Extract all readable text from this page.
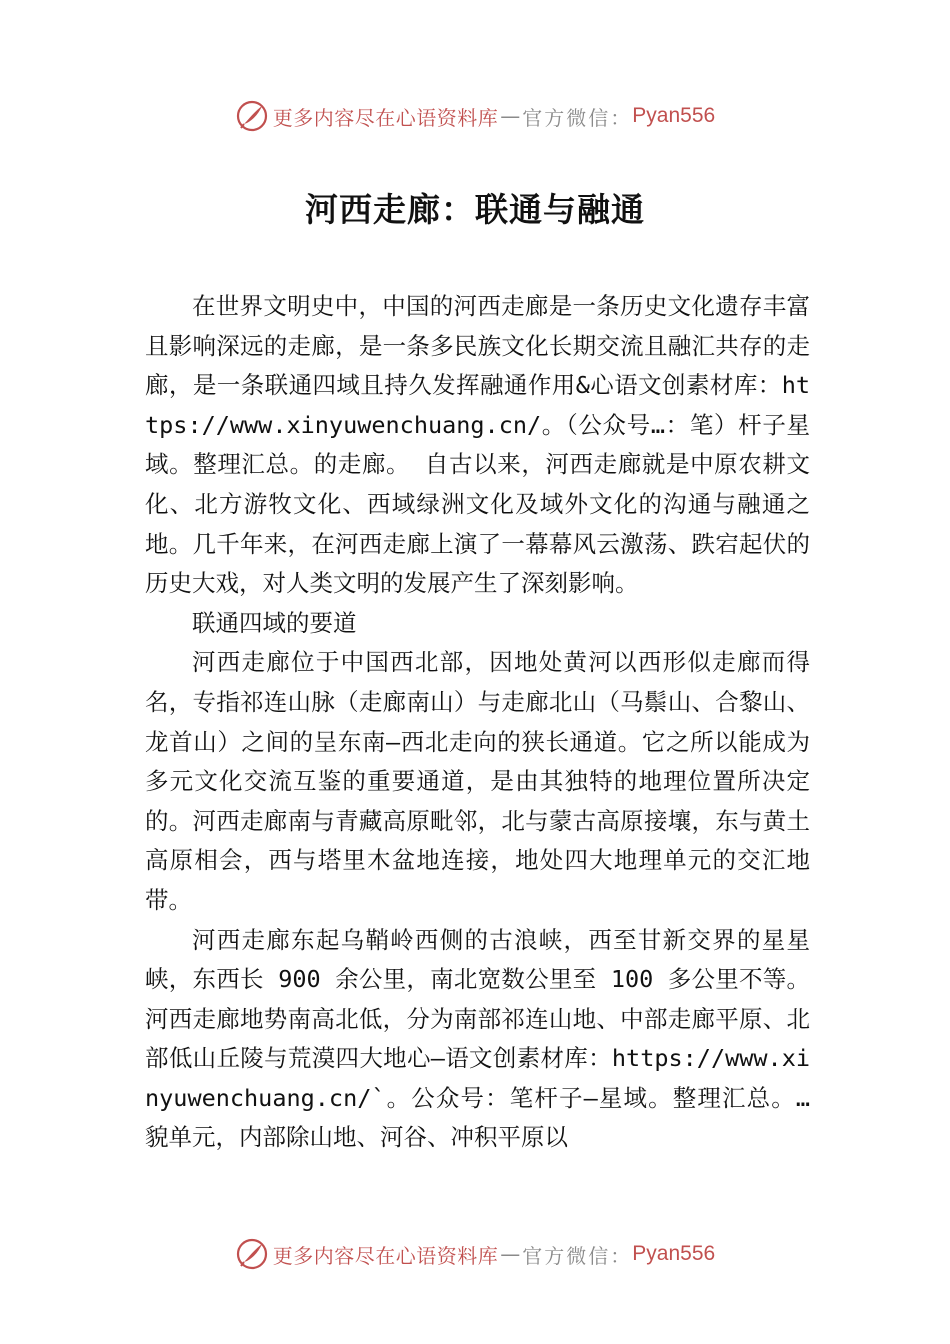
更多内容尽在心语资料库 — 官方微信 ： Pyan556
河西走廊：联通与融通

在世界文明史中，中国的河西走廊是一条历史文化遗存丰富且影响深远的走廊，是一条多民族文化长期交流且融汇共存的走廊，是一条联通四域且持久发挥融通作用&心语文创素材库：https://www.xinyuwenchuang.cn/。（公众号…：笔）杆子星域。整理汇总。的走廊。 自古以来，河西走廊就是中原农耕文化、北方游牧文化、西域绿洲文化及域外文化的沟通与融通之地。几千年来，在河西走廊上演了一幕幕风云激荡、跌宕起伏的历史大戏，对人类文明的发展产生了深刻影响。

联通四域的要道

河西走廊位于中国西北部，因地处黄河以西形似走廊而得名，专指祁连山脉（走廊南山）与走廊北山（马鬃山、合黎山、龙首山）之间的呈东南—西北走向的狭长通道。它之所以能成为多元文化交流互鉴的重要通道，是由其独特的地理位置所决定的。河西走廊南与青藏高原毗邻，北与蒙古高原接壤，东与黄土高原相会，西与塔里木盆地连接，地处四大地理单元的交汇地带。

河西走廊东起乌鞘岭西侧的古浪峡，西至甘新交界的星星峡，东西长 900 余公里，南北宽数公里至 100 多公里不等。河西走廊地势南高北低，分为南部祁连山地、中部走廊平原、北部低山丘陵与荒漠四大地心—语文创素材库：https://www.xinyuwenchuang.cn/`。公众号：笔杆子—星域。整理汇总。…貌单元，内部除山地、河谷、冲积平原以

更多内容尽在心语资料库 — 官方微信 ： Pyan556
